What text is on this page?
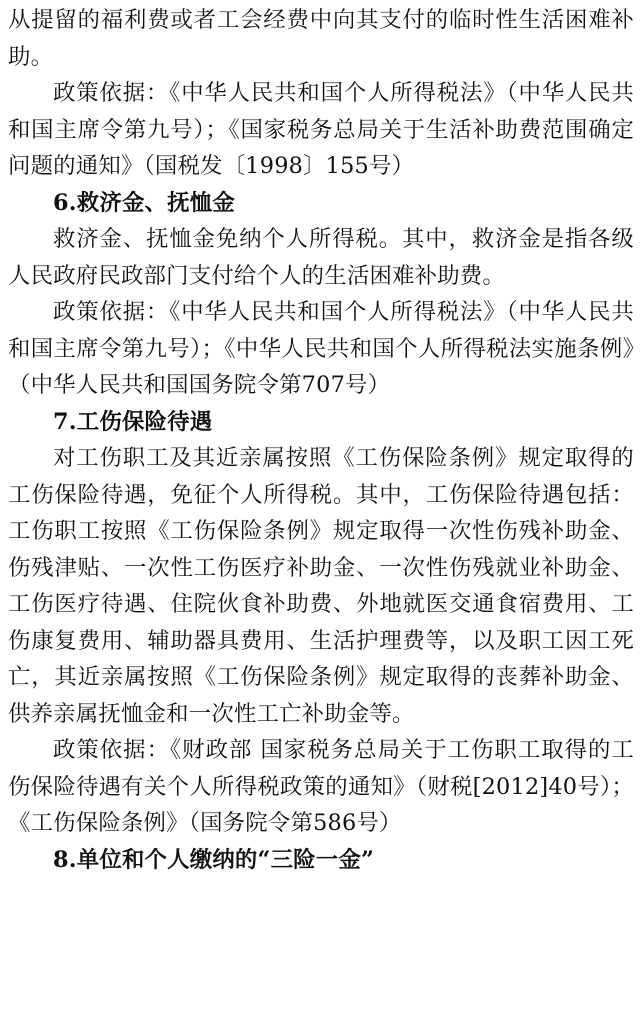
从提留的福利费或者工会经费中向其支付的临时性生活困难补助。

政策依据：《中华人民共和国个人所得税法》（中华人民共和国主席令第九号）；《国家税务总局关于生活补助费范围确定问题的通知》（国税发〔1998〕155号）

6.救济金、抚恤金

救济金、抚恤金免纳个人所得税。其中，救济金是指各级人民政府民政部门支付给个人的生活困难补助费。

政策依据：《中华人民共和国个人所得税法》（中华人民共和国主席令第九号）；《中华人民共和国个人所得税法实施条例》（中华人民共和国国务院令第707号）

7.工伤保险待遇

对工伤职工及其近亲属按照《工伤保险条例》规定取得的工伤保险待遇，免征个人所得税。其中，工伤保险待遇包括：工伤职工按照《工伤保险条例》规定取得一次性伤残补助金、伤残津贴、一次性工伤医疗补助金、一次性伤残就业补助金、工伤医疗待遇、住院伙食补助费、外地就医交通食宿费用、工伤康复费用、辅助器具费用、生活护理费等，以及职工因工死亡，其近亲属按照《工伤保险条例》规定取得的丧葬补助金、供养亲属抚恤金和一次性工亡补助金等。

政策依据：《财政部 国家税务总局关于工伤职工取得的工伤保险待遇有关个人所得税政策的通知》（财税[2012]40号）；《工伤保险条例》（国务院令第586号）

8.单位和个人缴纳的“三险一金”
